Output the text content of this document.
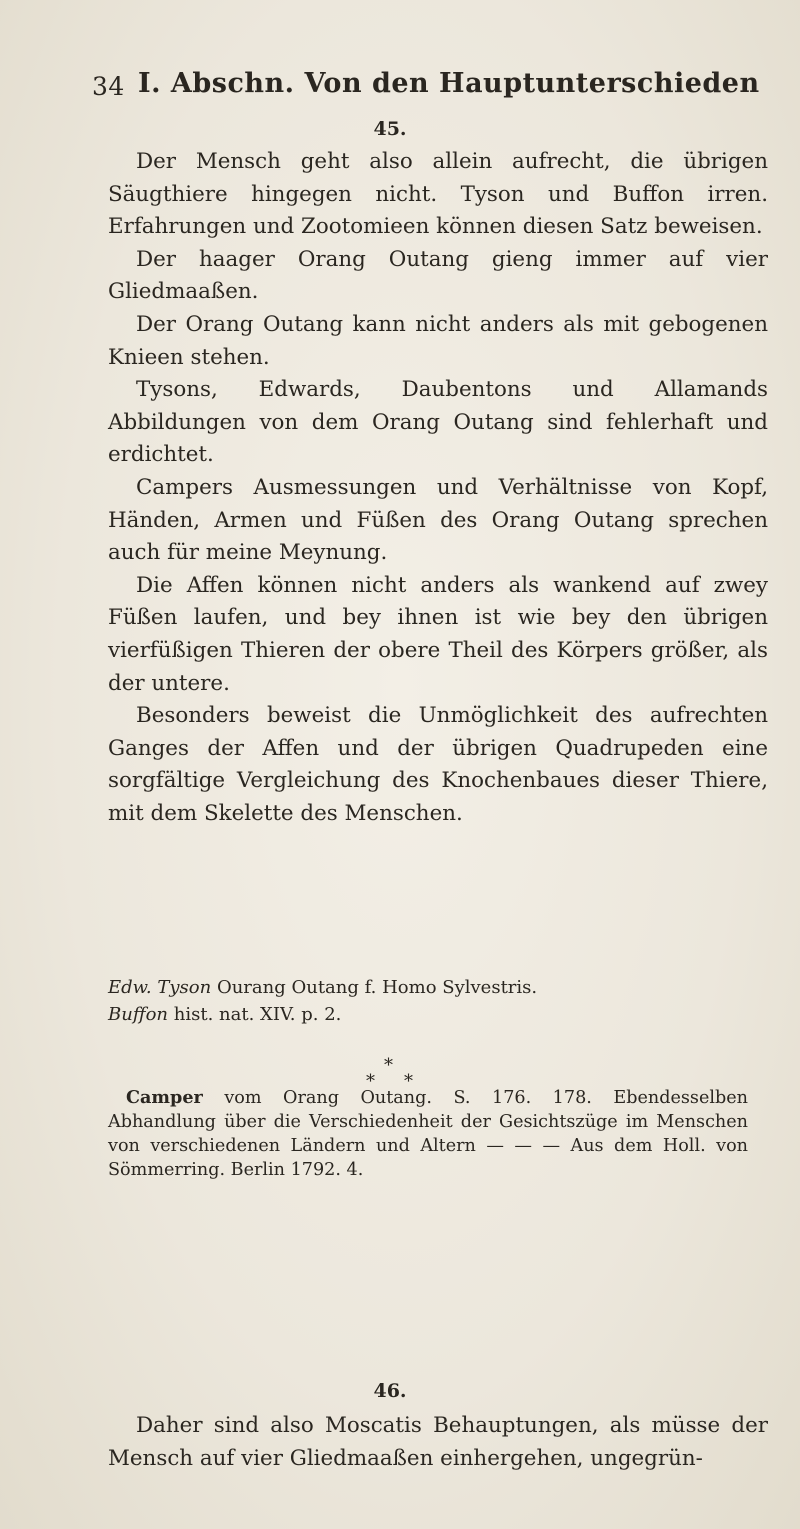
34 I. Abschn. Von den Hauptunterschieden
45.

Der Mensch geht also allein aufrecht, die übrigen Säugthiere hingegen nicht. Tyson und Buffon irren. Erfahrungen und Zootomieen können diesen Satz beweisen.

Der haager Orang Outang gieng immer auf vier Gliedmaaßen.

Der Orang Outang kann nicht anders als mit gebogenen Knieen stehen.

Tysons, Edwards, Daubentons und Allamands Abbildungen von dem Orang Outang sind fehlerhaft und erdichtet.

Campers Ausmessungen und Verhältnisse von Kopf, Händen, Armen und Füßen des Orang Outang sprechen auch für meine Meynung.

Die Affen können nicht anders als wankend auf zwey Füßen laufen, und bey ihnen ist wie bey den übrigen vierfüßigen Thieren der obere Theil des Körpers größer, als der untere.

Besonders beweist die Unmöglichkeit des aufrechten Ganges der Affen und der übrigen Quadrupeden eine sorgfältige Vergleichung des Knochenbaues dieser Thiere, mit dem Skelette des Menschen.

Edw. Tyson Ourang Outang f. Homo Sylvestris.
Buffon hist. nat. XIV. p. 2.
*
* *

Camper vom Orang Outang. S. 176. 178. Ebendesselben Abhandlung über die Verschiedenheit der Gesichtszüge im Menschen von verschiedenen Ländern und Altern — — — Aus dem Holl. von Sömmerring. Berlin 1792. 4.

46.

Daher sind also Moscatis Behauptungen, als müsse der Mensch auf vier Gliedmaaßen einhergehen, ungegrün-
